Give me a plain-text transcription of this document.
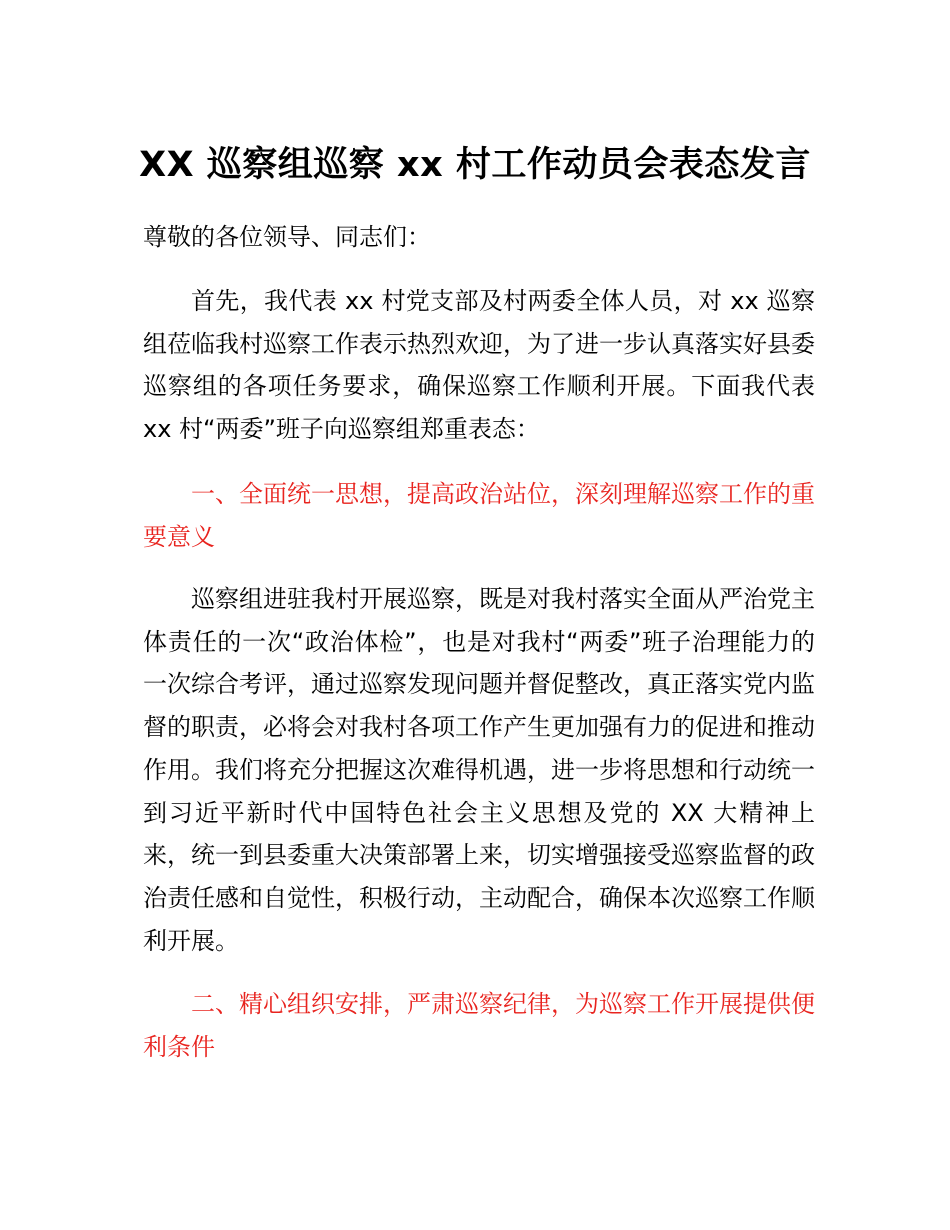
XX 巡察组巡察 xx 村工作动员会表态发言
尊敬的各位领导、同志们：
首先，我代表 xx 村党支部及村两委全体人员，对 xx 巡察组莅临我村巡察工作表示热烈欢迎，为了进一步认真落实好县委巡察组的各项任务要求，确保巡察工作顺利开展。下面我代表 xx 村“两委”班子向巡察组郑重表态：
一、全面统一思想，提高政治站位，深刻理解巡察工作的重要意义
巡察组进驻我村开展巡察，既是对我村落实全面从严治党主体责任的一次“政治体检”，也是对我村“两委”班子治理能力的一次综合考评，通过巡察发现问题并督促整改，真正落实党内监督的职责，必将会对我村各项工作产生更加强有力的促进和推动作用。我们将充分把握这次难得机遇，进一步将思想和行动统一到习近平新时代中国特色社会主义思想及党的 XX 大精神上来，统一到县委重大决策部署上来，切实增强接受巡察监督的政治责任感和自觉性，积极行动，主动配合，确保本次巡察工作顺利开展。
二、精心组织安排，严肃巡察纪律，为巡察工作开展提供便利条件
